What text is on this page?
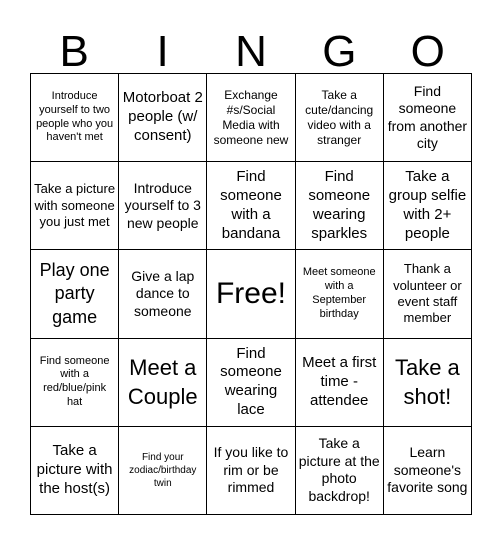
B	I	N	G	O
Introduce yourself to two people who you haven't met
Motorboat 2 people (w/ consent)
Exchange #s/Social Media with someone new
Take a cute/dancing video with a stranger
Find someone from another city
Take a picture with someone you just met
Introduce yourself to 3 new people
Find someone with a bandana
Find someone wearing sparkles
Take a group selfie with 2+ people
Play one party game
Give a lap dance to someone
Free!
Meet someone with a September birthday
Thank a volunteer or event staff member
Find someone with a red/blue/pink hat
Meet a Couple
Find someone wearing lace
Meet a first time - attendee
Take a shot!
Take a picture with the host(s)
Find your zodiac/birthday twin
If you like to rim or be rimmed
Take a picture at the photo backdrop!
Learn someone's favorite song
